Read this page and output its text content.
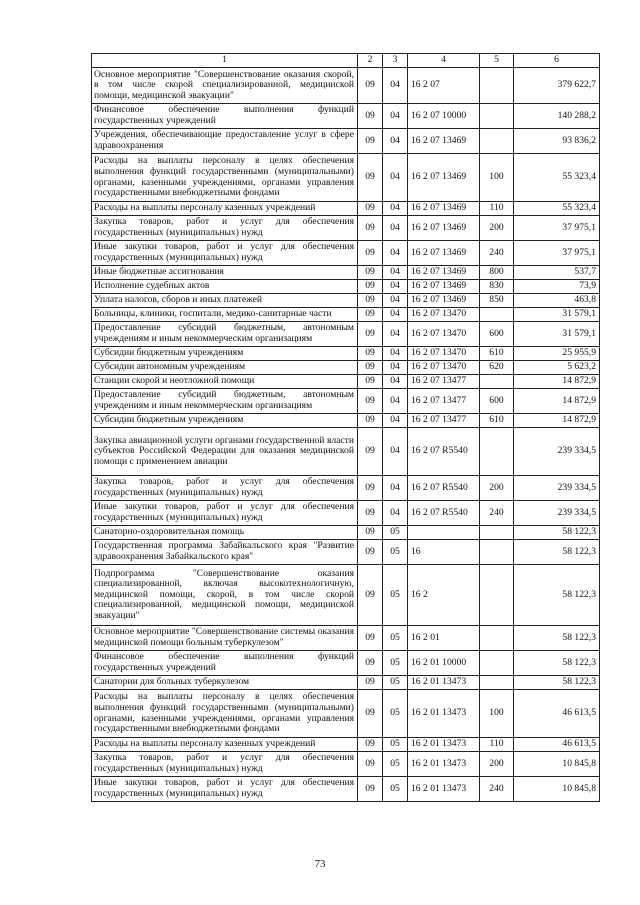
1	2	3	4	5	6
Основное мероприятие "Совершенствование оказания скорой, в том числе скорой специализированной, медицинской помощи, медицинской эвакуации"	09	04	16 2 07		379 622,7
Финансовое обеспечение выполнения функций государственных учреждений	09	04	16 2 07 10000		140 288,2
Учреждения, обеспечивающие предоставление услуг в сфере здравоохранения	09	04	16 2 07 13469		93 836,2
Расходы на выплаты персоналу в целях обеспечения выполнения функций государственными (муниципальными) органами, казенными учреждениями, органами управления государственными внебюджетными фондами	09	04	16 2 07 13469	100	55 323,4
Расходы на выплаты персоналу казенных учреждений	09	04	16 2 07 13469	110	55 323,4
Закупка товаров, работ и услуг для обеспечения государственных (муниципальных) нужд	09	04	16 2 07 13469	200	37 975,1
Иные закупки товаров, работ и услуг для обеспечения государственных (муниципальных) нужд	09	04	16 2 07 13469	240	37 975,1
Иные бюджетные ассигнования	09	04	16 2 07 13469	800	537,7
Исполнение судебных актов	09	04	16 2 07 13469	830	73,9
Уплата налогов, сборов и иных платежей	09	04	16 2 07 13469	850	463,8
Больницы, клиники, госпитали, медико-санитарные части	09	04	16 2 07 13470		31 579,1
Предоставление субсидий бюджетным, автономным учреждениям и иным некоммерческим организациям	09	04	16 2 07 13470	600	31 579,1
Субсидии бюджетным учреждениям	09	04	16 2 07 13470	610	25 955,9
Субсидии автономным учреждениям	09	04	16 2 07 13470	620	5 623,2
Станции скорой и неотложной помощи	09	04	16 2 07 13477		14 872,9
Предоставление субсидий бюджетным, автономным учреждениям и иным некоммерческим организациям	09	04	16 2 07 13477	600	14 872,9
Субсидии бюджетным учреждениям	09	04	16 2 07 13477	610	14 872,9
Закупка авиационной услуги органами государственной власти субъектов Российской Федерации для оказания медицинской помощи с применением авиации	09	04	16 2 07 R5540		239 334,5
Закупка товаров, работ и услуг для обеспечения государственных (муниципальных) нужд	09	04	16 2 07 R5540	200	239 334,5
Иные закупки товаров, работ и услуг для обеспечения государственных (муниципальных) нужд	09	04	16 2 07 R5540	240	239 334,5
Санаторно-оздоровительная помощь	09	05			58 122,3
Государственная программа Забайкальского края "Развитие здравоохранения Забайкальского края"	09	05	16		58 122,3
Подпрограмма "Совершенствование оказания специализированной, включая высокотехнологичную, медицинской помощи, скорой, в том числе скорой специализированной, медицинской помощи, медицинской эвакуации"	09	05	16 2		58 122,3
Основное мероприятие "Совершенствование системы оказания медицинской помощи больным туберкулезом"	09	05	16 2 01		58 122,3
Финансовое обеспечение выполнения функций государственных учреждений	09	05	16 2 01 10000		58 122,3
Санатории для больных туберкулезом	09	05	16 2 01 13473		58 122,3
Расходы на выплаты персоналу в целях обеспечения выполнения функций государственными (муниципальными) органами, казенными учреждениями, органами управления государственными внебюджетными фондами	09	05	16 2 01 13473	100	46 613,5
Расходы на выплаты персоналу казенных учреждений	09	05	16 2 01 13473	110	46 613,5
Закупка товаров, работ и услуг для обеспечения государственных (муниципальных) нужд	09	05	16 2 01 13473	200	10 845,8
Иные закупки товаров, работ и услуг для обеспечения государственных (муниципальных) нужд	09	05	16 2 01 13473	240	10 845,8
73
